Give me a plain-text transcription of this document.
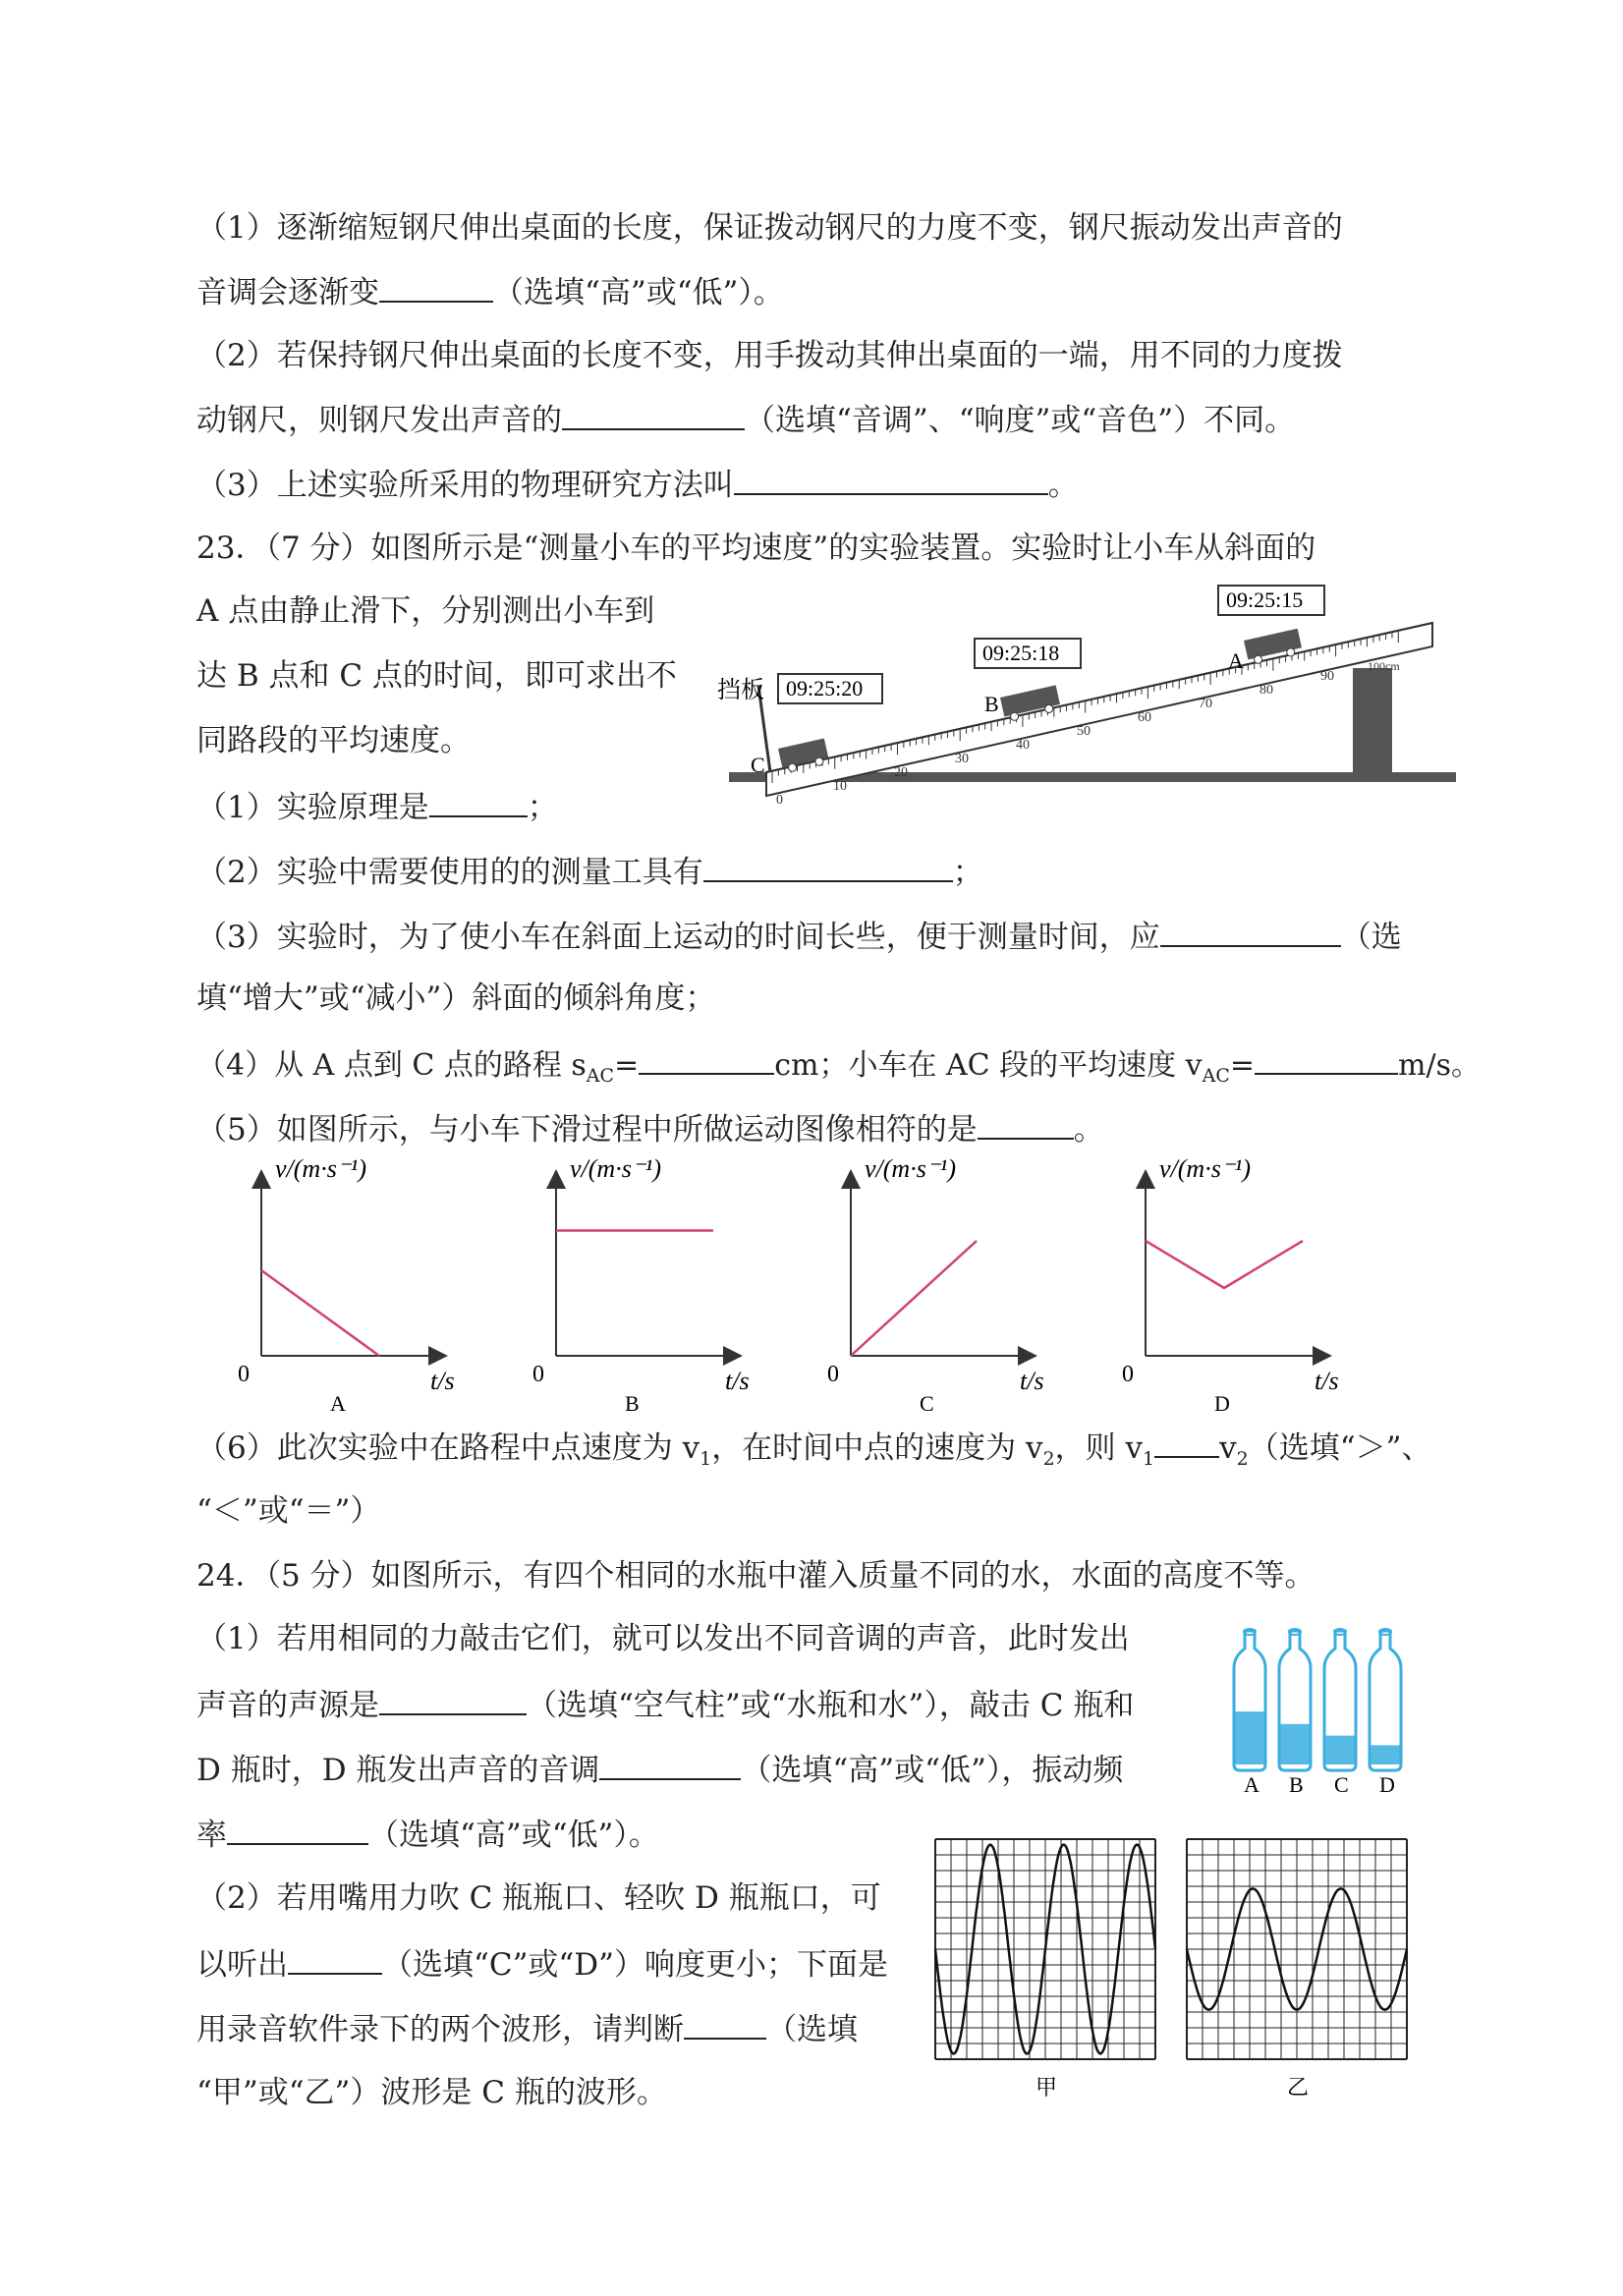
（1）逐渐缩短钢尺伸出桌面的长度，保证拨动钢尺的力度不变，钢尺振动发出声音的
音调会逐渐变	（选填“高”或“低”）。
（2）若保持钢尺伸出桌面的长度不变，用手拨动其伸出桌面的一端，用不同的力度拨
动钢尺，则钢尺发出声音的	（选填“音调”、“响度”或“音色”）不同。
（3）上述实验所采用的物理研究方法叫	。
23．（7 分）如图所示是“测量小车的平均速度”的实验装置。实验时让小车从斜面的
A 点由静止滑下，分别测出小车到
达 B 点和 C 点的时间，即可求出不
同路段的平均速度。
0
10
20
30
40
50
60
70
80
90
100cm
挡板
C
B
A
09:25:20
09:25:18
09:25:15
（1）实验原理是	；
（2）实验中需要使用的的测量工具有	；
（3）实验时，为了使小车在斜面上运动的时间长些，便于测量时间，应	（选
填“增大”或“减小”）斜面的倾斜角度；
（4）从 A 点到 C 点的路程 $s_{AC}=$	cm；小车在 AC 段的平均速度 $v_{AC}=$	m/s。
（5）如图所示，与小车下滑过程中所做运动图像相符的是	。
v/(m·s⁻¹)
t/s
0
A
v/(m·s⁻¹)
t/s
0
B
v/(m·s⁻¹)
t/s
0
C
v/(m·s⁻¹)
t/s
0
D
（6）此次实验中在路程中点速度为 $v_1$，在时间中点的速度为 $v_2$，则 $v_1$ $v_2$（选填“＞”、
“＜”或“＝”）
24．（5 分）如图所示，有四个相同的水瓶中灌入质量不同的水，水面的高度不等。
（1）若用相同的力敲击它们，就可以发出不同音调的声音，此时发出
声音的声源是	（选填“空气柱”或“水瓶和水”），敲击 C 瓶和
D 瓶时，D 瓶发出声音的音调	（选填“高”或“低”），振动频
率	（选填“高”或“低”）。
A B C D
（2）若用嘴用力吹 C 瓶瓶口、轻吹 D 瓶瓶口，可
以听出	（选填“C”或“D”）响度更小；下面是
用录音软件录下的两个波形，请判断	（选填
“甲”或“乙”）波形是 C 瓶的波形。	甲	乙
